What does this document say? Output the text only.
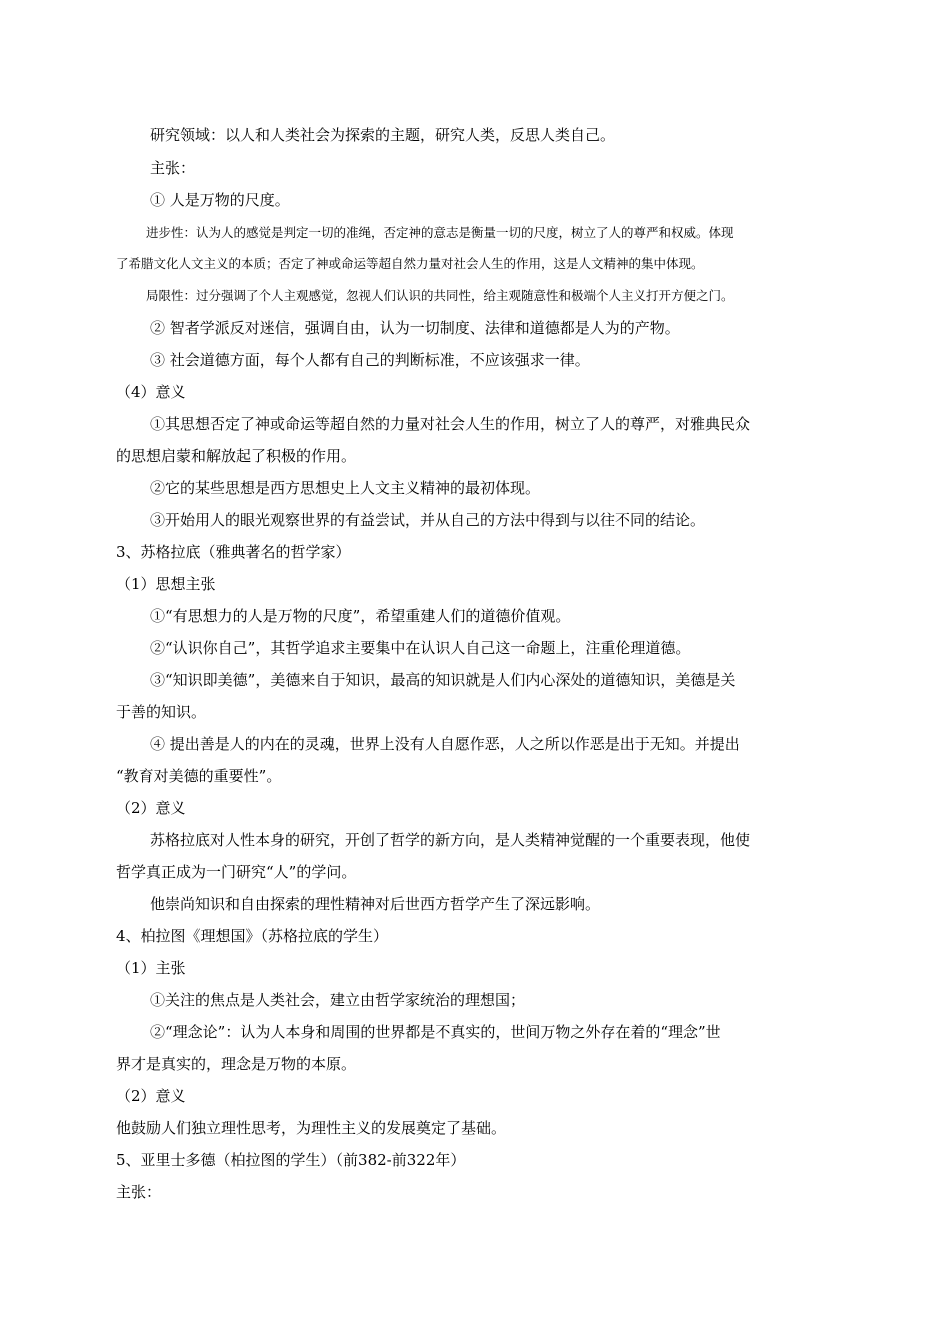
研究领域：以人和人类社会为探索的主题，研究人类，反思人类自己。

主张：

① 人是万物的尺度。

进步性：认为人的感觉是判定一切的准绳，否定神的意志是衡量一切的尺度，树立了人的尊严和权威。体现

了希腊文化人文主义的本质；否定了神或命运等超自然力量对社会人生的作用，这是人文精神的集中体现。

局限性：过分强调了个人主观感觉，忽视人们认识的共同性，给主观随意性和极端个人主义打开方便之门。

② 智者学派反对迷信，强调自由，认为一切制度、法律和道德都是人为的产物。

③ 社会道德方面，每个人都有自己的判断标准，不应该强求一律。

（4）意义

①其思想否定了神或命运等超自然的力量对社会人生的作用，树立了人的尊严，对雅典民众

的思想启蒙和解放起了积极的作用。

②它的某些思想是西方思想史上人文主义精神的最初体现。

③开始用人的眼光观察世界的有益尝试，并从自己的方法中得到与以往不同的结论。

3、苏格拉底（雅典著名的哲学家）

（1）思想主张

①“有思想力的人是万物的尺度”，希望重建人们的道德价值观。

②“认识你自己”，其哲学追求主要集中在认识人自己这一命题上，注重伦理道德。

③“知识即美德”，美德来自于知识，最高的知识就是人们内心深处的道德知识，美德是关

于善的知识。

④ 提出善是人的内在的灵魂，世界上没有人自愿作恶，人之所以作恶是出于无知。并提出

“教育对美德的重要性”。

（2）意义

苏格拉底对人性本身的研究，开创了哲学的新方向，是人类精神觉醒的一个重要表现，他使

哲学真正成为一门研究“人”的学问。

他崇尚知识和自由探索的理性精神对后世西方哲学产生了深远影响。

4、柏拉图《理想国》（苏格拉底的学生）

（1）主张

①关注的焦点是人类社会，建立由哲学家统治的理想国；

②“理念论”：认为人本身和周围的世界都是不真实的，世间万物之外存在着的“理念”世

界才是真实的，理念是万物的本原。

（2）意义

他鼓励人们独立理性思考，为理性主义的发展奠定了基础。

5、亚里士多德（柏拉图的学生）（前382-前322年）

主张：
